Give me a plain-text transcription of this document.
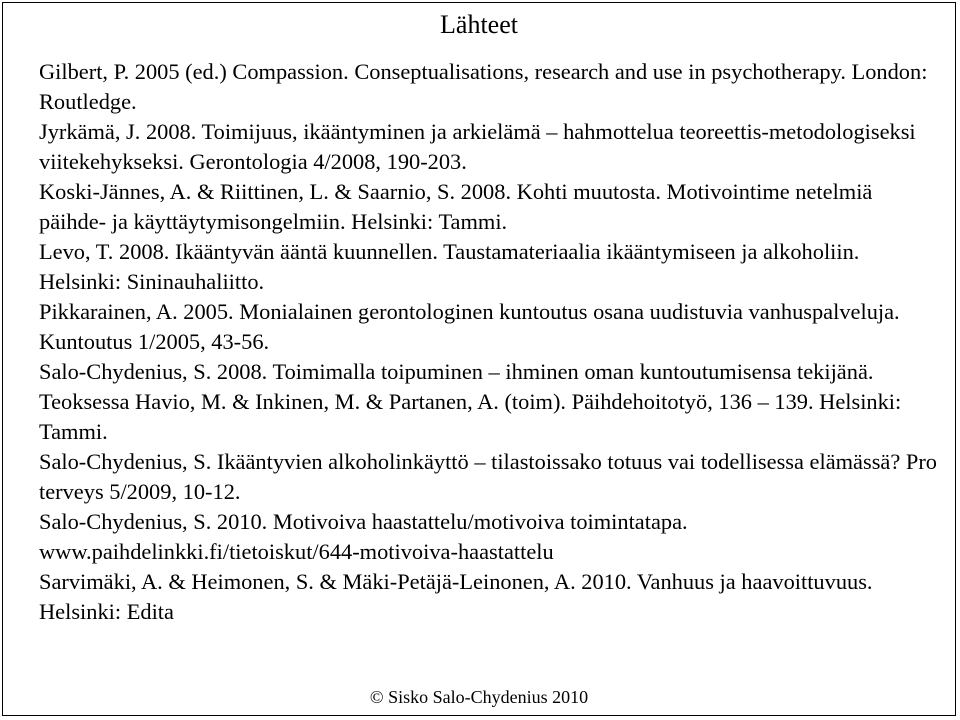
Lähteet
Gilbert, P. 2005 (ed.) Compassion. Conseptualisations, research and use in psychotherapy. London: Routledge.
Jyrkämä, J. 2008. Toimijuus, ikääntyminen ja arkielämä – hahmottelua teoreettis-metodologiseksi viitekehykseksi. Gerontologia 4/2008, 190-203.
Koski-Jännes, A. & Riittinen, L. & Saarnio, S. 2008. Kohti muutosta. Motivointime netelmiä päihde- ja käyttäytymisongelmiin. Helsinki: Tammi.
Levo, T. 2008. Ikääntyvän ääntä kuunnellen. Taustamateriaalia ikääntymiseen ja alkoholiin. Helsinki: Sininauhaliitto.
Pikkarainen, A. 2005. Monialainen gerontologinen kuntoutus osana uudistuvia vanhuspalveluja. Kuntoutus 1/2005, 43-56.
Salo-Chydenius, S. 2008. Toimimalla toipuminen – ihminen oman kuntoutumisensa tekijänä. Teoksessa Havio, M. & Inkinen, M. & Partanen, A. (toim). Päihdehoitotyö, 136 – 139. Helsinki: Tammi.
Salo-Chydenius, S. Ikääntyvien alkoholinkäyttö – tilastoissako totuus vai todellisessa elämässä? Pro terveys 5/2009, 10-12.
Salo-Chydenius, S. 2010. Motivoiva haastattelu/motivoiva toimintatapa. www.paihdelinkki.fi/tietoiskut/644-motivoiva-haastattelu
Sarvimäki, A. & Heimonen, S. & Mäki-Petäjä-Leinonen, A. 2010. Vanhuus ja haavoittuvuus. Helsinki: Edita
© Sisko Salo-Chydenius 2010
